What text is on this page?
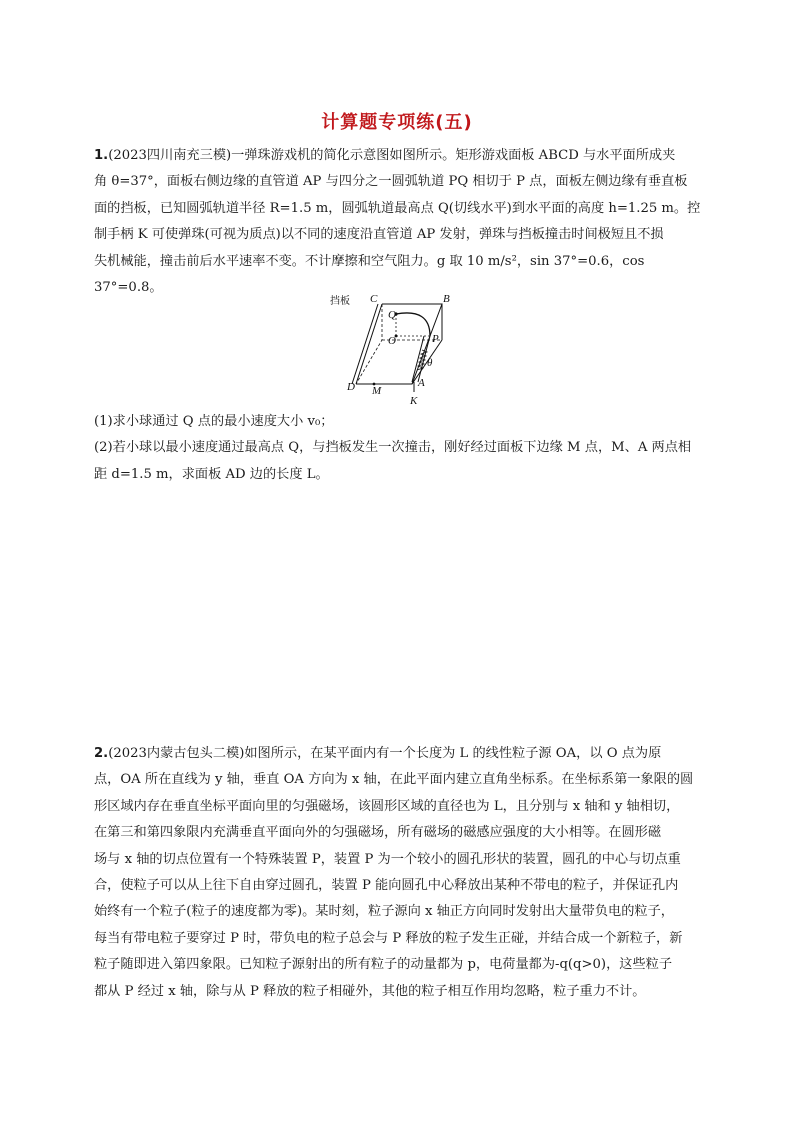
计算题专项练(五)
1.(2023四川南充三模)一弹珠游戏机的简化示意图如图所示。矩形游戏面板 ABCD 与水平面所成夹
角 θ=37°，面板右侧边缘的直管道 AP 与四分之一圆弧轨道 PQ 相切于 P 点，面板左侧边缘有垂直板
面的挡板，已知圆弧轨道半径 R=1.5 m，圆弧轨道最高点 Q(切线水平)到水平面的高度 h=1.25 m。控
制手柄 K 可使弹珠(可视为质点)以不同的速度沿直管道 AP 发射，弹珠与挡板撞击时间极短且不损
失机械能，撞击前后水平速率不变。不计摩擦和空气阻力。g 取 10 m/s²，sin 37°=0.6，cos
37°=0.8。
挡板 C	B
Q
O	P
θ
D M
A
K
(1)求小球通过 Q 点的最小速度大小 v₀；
(2)若小球以最小速度通过最高点 Q，与挡板发生一次撞击，刚好经过面板下边缘 M 点，M、A 两点相
距 d=1.5 m，求面板 AD 边的长度 L。
2.(2023内蒙古包头二模)如图所示，在某平面内有一个长度为 L 的线性粒子源 OA，以 O 点为原
点，OA 所在直线为 y 轴，垂直 OA 方向为 x 轴，在此平面内建立直角坐标系。在坐标系第一象限的圆
形区域内存在垂直坐标平面向里的匀强磁场，该圆形区域的直径也为 L，且分别与 x 轴和 y 轴相切，
在第三和第四象限内充满垂直平面向外的匀强磁场，所有磁场的磁感应强度的大小相等。在圆形磁
场与 x 轴的切点位置有一个特殊装置 P，装置 P 为一个较小的圆孔形状的装置，圆孔的中心与切点重
合，使粒子可以从上往下自由穿过圆孔，装置 P 能向圆孔中心释放出某种不带电的粒子，并保证孔内
始终有一个粒子(粒子的速度都为零)。某时刻，粒子源向 x 轴正方向同时发射出大量带负电的粒子，
每当有带电粒子要穿过 P 时，带负电的粒子总会与 P 释放的粒子发生正碰，并结合成一个新粒子，新
粒子随即进入第四象限。已知粒子源射出的所有粒子的动量都为 p，电荷量都为-q(q>0)，这些粒子
都从 P 经过 x 轴，除与从 P 释放的粒子相碰外，其他的粒子相互作用均忽略，粒子重力不计。
